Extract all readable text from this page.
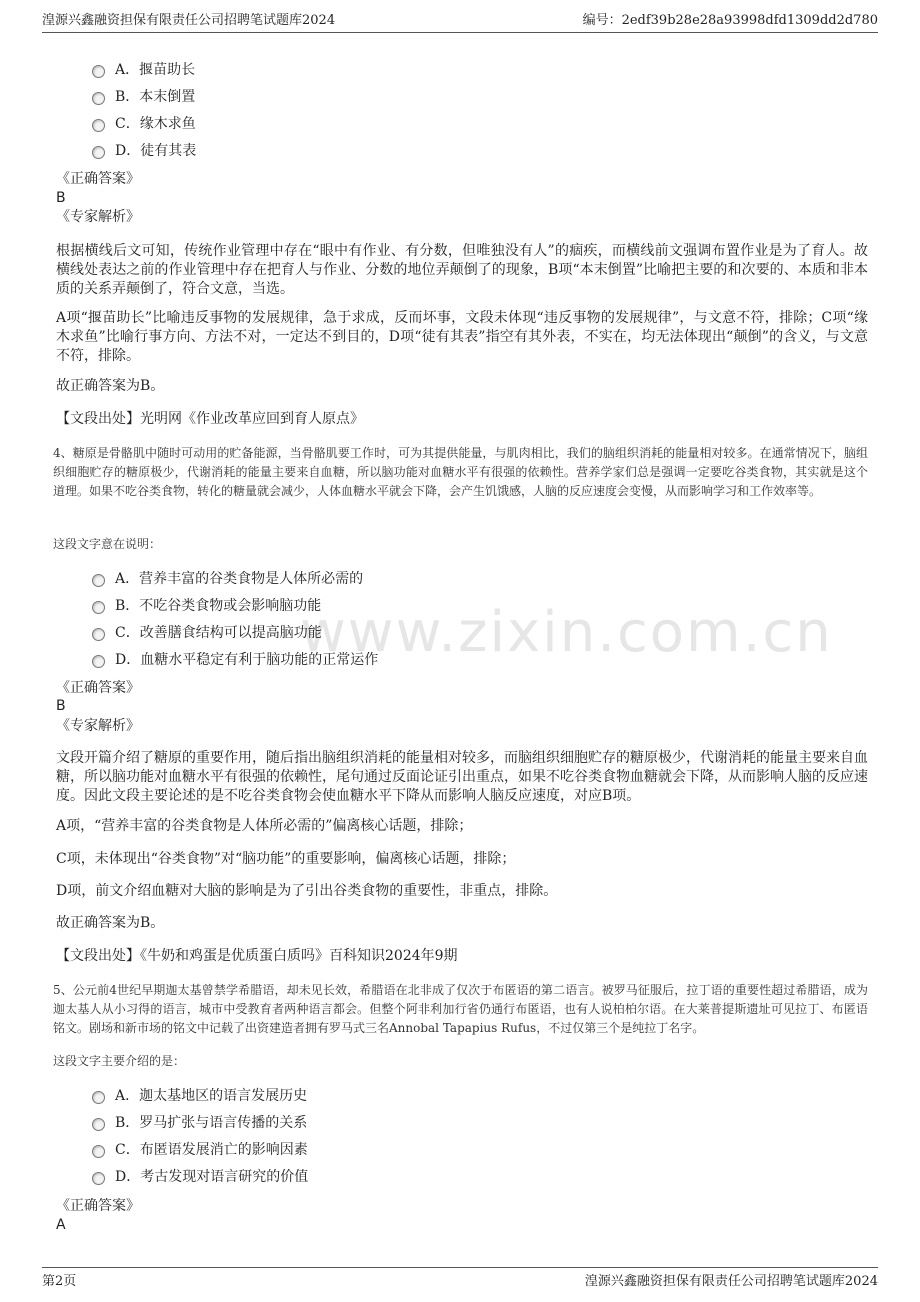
湟源兴鑫融资担保有限责任公司招聘笔试题库2024	编号：2edf39b28e28a93998dfd1309dd2d780
www.zixin.com.cn
A．揠苗助长
B．本末倒置
C．缘木求鱼
D．徒有其表
《正确答案》
B
《专家解析》
根据横线后文可知，传统作业管理中存在“眼中有作业、有分数，但唯独没有人”的痼疾，而横线前文强调布置作业是为了育人。故横线处表达之前的作业管理中存在把育人与作业、分数的地位弄颠倒了的现象，B项“本末倒置”比喻把主要的和次要的、本质和非本质的关系弄颠倒了，符合文意，当选。
A项“揠苗助长”比喻违反事物的发展规律，急于求成，反而坏事，文段未体现“违反事物的发展规律”，与文意不符，排除；C项“缘木求鱼”比喻行事方向、方法不对，一定达不到目的，D项“徒有其表”指空有其外表，不实在，均无法体现出“颠倒”的含义，与文意不符，排除。
故正确答案为B。
【文段出处】光明网《作业改革应回到育人原点》
4、糖原是骨骼肌中随时可动用的贮备能源，当骨骼肌要工作时，可为其提供能量，与肌肉相比，我们的脑组织消耗的能量相对较多。在通常情况下，脑组织细胞贮存的糖原极少，代谢消耗的能量主要来自血糖，所以脑功能对血糖水平有很强的依赖性。营养学家们总是强调一定要吃谷类食物，其实就是这个道理。如果不吃谷类食物，转化的糖量就会减少，人体血糖水平就会下降，会产生饥饿感，人脑的反应速度会变慢，从而影响学习和工作效率等。
这段文字意在说明：
A．营养丰富的谷类食物是人体所必需的
B．不吃谷类食物或会影响脑功能
C．改善膳食结构可以提高脑功能
D．血糖水平稳定有利于脑功能的正常运作
《正确答案》
B
《专家解析》
文段开篇介绍了糖原的重要作用，随后指出脑组织消耗的能量相对较多，而脑组织细胞贮存的糖原极少，代谢消耗的能量主要来自血糖，所以脑功能对血糖水平有很强的依赖性，尾句通过反面论证引出重点，如果不吃谷类食物血糖就会下降，从而影响人脑的反应速度。因此文段主要论述的是不吃谷类食物会使血糖水平下降从而影响人脑反应速度，对应B项。
A项，“营养丰富的谷类食物是人体所必需的”偏离核心话题，排除；
C项，未体现出“谷类食物”对“脑功能”的重要影响，偏离核心话题，排除；
D项，前文介绍血糖对大脑的影响是为了引出谷类食物的重要性，非重点，排除。
故正确答案为B。
【文段出处】《牛奶和鸡蛋是优质蛋白质吗》百科知识2024年9期
5、公元前4世纪早期迦太基曾禁学希腊语，却未见长效，希腊语在北非成了仅次于布匿语的第二语言。被罗马征服后，拉丁语的重要性超过希腊语，成为迦太基人从小习得的语言，城市中受教育者两种语言都会。但整个阿非利加行省仍通行布匿语，也有人说柏柏尔语。在大莱普提斯遗址可见拉丁、布匿语铭文。剧场和新市场的铭文中记载了出资建造者拥有罗马式三名Annobal Tapapius Rufus，不过仅第三个是纯拉丁名字。
这段文字主要介绍的是：
A．迦太基地区的语言发展历史
B．罗马扩张与语言传播的关系
C．布匿语发展消亡的影响因素
D．考古发现对语言研究的价值
《正确答案》
A
第2页	湟源兴鑫融资担保有限责任公司招聘笔试题库2024
